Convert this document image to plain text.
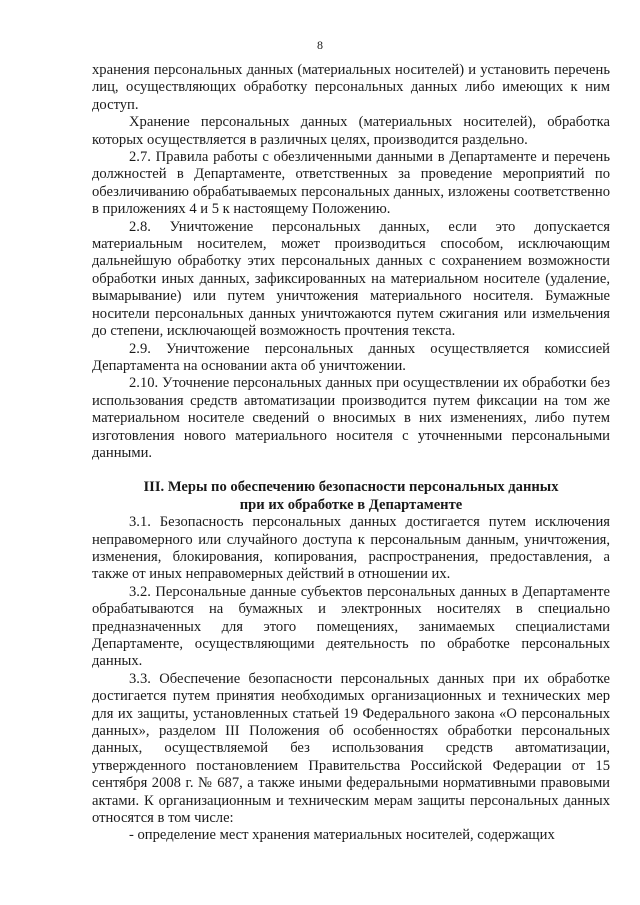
8

хранения персональных данных (материальных носителей) и установить перечень лиц, осуществляющих обработку персональных данных либо имеющих к ним доступ.

Хранение персональных данных (материальных носителей), обработка которых осуществляется в различных целях, производится раздельно.

2.7. Правила работы с обезличенными данными в Департаменте и перечень должностей в Департаменте, ответственных за проведение мероприятий по обезличиванию обрабатываемых персональных данных, изложены соответственно в приложениях 4 и 5 к настоящему Положению.

2.8. Уничтожение персональных данных, если это допускается материальным носителем, может производиться способом, исключающим дальнейшую обработку этих персональных данных с сохранением возможности обработки иных данных, зафиксированных на материальном носителе (удаление, вымарывание) или путем уничтожения материального носителя. Бумажные носители персональных данных уничтожаются путем сжигания или измельчения до степени, исключающей возможность прочтения текста.

2.9. Уничтожение персональных данных осуществляется комиссией Департамента на основании акта об уничтожении.

2.10. Уточнение персональных данных при осуществлении их обработки без использования средств автоматизации производится путем фиксации на том же материальном носителе сведений о вносимых в них изменениях, либо путем изготовления нового материального носителя с уточненными персональными данными.

III. Меры по обеспечению безопасности персональных данных
при их обработке в Департаменте

3.1. Безопасность персональных данных достигается путем исключения неправомерного или случайного доступа к персональным данным, уничтожения, изменения, блокирования, копирования, распространения, предоставления, а также от иных неправомерных действий в отношении их.

3.2. Персональные данные субъектов персональных данных в Департаменте обрабатываются на бумажных и электронных носителях в специально предназначенных для этого помещениях, занимаемых специалистами Департаменте, осуществляющими деятельность по обработке персональных данных.

3.3. Обеспечение безопасности персональных данных при их обработке достигается путем принятия необходимых организационных и технических мер для их защиты, установленных статьей 19 Федерального закона «О персональных данных», разделом III Положения об особенностях обработки персональных данных, осуществляемой без использования средств автоматизации, утвержденного постановлением Правительства Российской Федерации от 15 сентября 2008 г. № 687, а также иными федеральными нормативными правовыми актами. К организационным и техническим мерам защиты персональных данных относятся в том числе:

- определение мест хранения материальных носителей, содержащих
